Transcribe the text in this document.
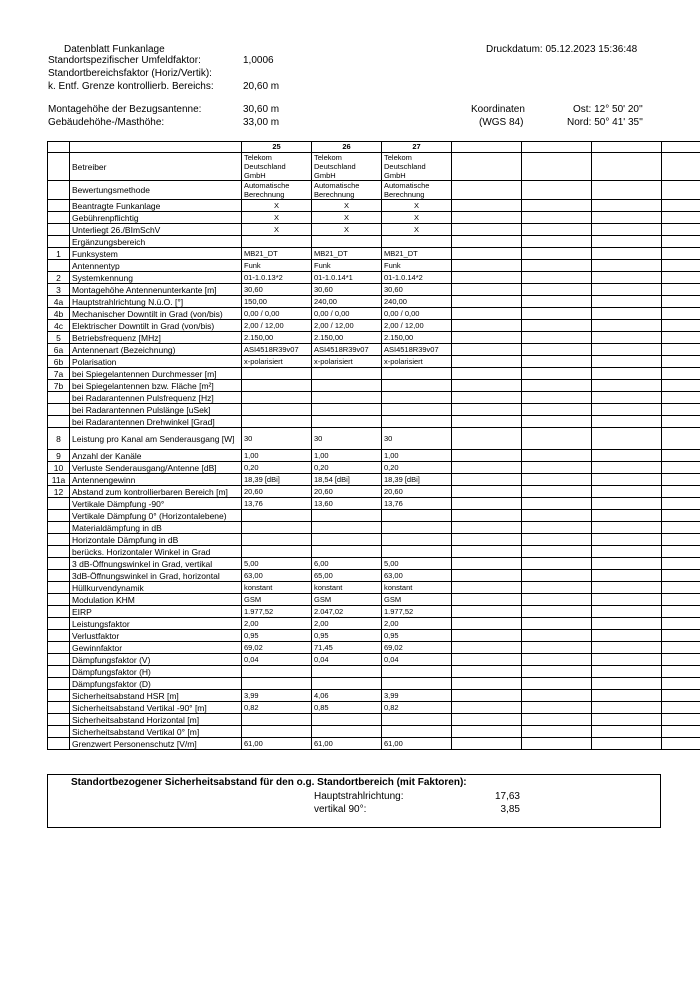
Datenblatt Funkanlage	Druckdatum: 05.12.2023 15:36:48
Standortspezifischer Umfeldfaktor:	1,0006
Standortbereichsfaktor (Horiz/Vertik):
k. Entf. Grenze kontrollierb. Bereichs:	20,60 m
Montagehöhe der Bezugsantenne:	30,60 m
Gebäudehöhe-/Masthöhe:	33,00 m
Koordinaten
(WGS 84)
Ost: 12° 50' 20''
Nord: 50° 41' 35''
		25	26	27				
	Betreiber	Telekom Deutschland GmbH	Telekom Deutschland GmbH	Telekom Deutschland GmbH				
	Bewertungsmethode	Automatische Berechnung	Automatische Berechnung	Automatische Berechnung				
	Beantragte Funkanlage	X	X	X				
	Gebührenpflichtig	X	X	X				
	Unterliegt 26./BImSchV	X	X	X				
	Ergänzungsbereich							
1	Funksystem	MB21_DT	MB21_DT	MB21_DT				
	Antennentyp	Funk	Funk	Funk				
2	Systemkennung	01-1.0.13*2	01-1.0.14*1	01-1.0.14*2				
3	Montagehöhe Antennenunterkante [m]	30,60	30,60	30,60				
4a	Hauptstrahlrichtung N.ü.O. [°]	150,00	240,00	240,00				
4b	Mechanischer Downtilt in Grad (von/bis)	0,00 / 0,00	0,00 / 0,00	0,00 / 0,00				
4c	Elektrischer Downtilt in Grad (von/bis)	2,00 / 12,00	2,00 / 12,00	2,00 / 12,00				
5	Betriebsfrequenz [MHz]	2.150,00	2.150,00	2.150,00				
6a	Antennenart (Bezeichnung)	ASI4518R39v07	ASI4518R39v07	ASI4518R39v07				
6b	Polarisation	x-polarisiert	x-polarisiert	x-polarisiert				
7a	bei Spiegelantennen Durchmesser [m]							
7b	bei Spiegelantennen bzw. Fläche [m²]							
	bei Radarantennen Pulsfrequenz [Hz]							
	bei Radarantennen Pulslänge [uSek]							
	bei Radarantennen Drehwinkel [Grad]							
8	Leistung pro Kanal am Senderausgang [W]	30	30	30				
9	Anzahl der Kanäle	1,00	1,00	1,00				
10	Verluste Senderausgang/Antenne [dB]	0,20	0,20	0,20				
11a	Antennengewinn	18,39 [dBi]	18,54 [dBi]	18,39 [dBi]				
12	Abstand zum kontrollierbaren Bereich [m]	20,60	20,60	20,60				
	Vertikale Dämpfung -90°	13,76	13,60	13,76				
	Vertikale Dämpfung 0° (Horizontalebene)							
	Materialdämpfung in dB							
	Horizontale Dämpfung in dB							
	berücks. Horizontaler Winkel in Grad							
	3 dB-Öffnungswinkel in Grad, vertikal	5,00	6,00	5,00				
	3dB-Öffnungswinkel in Grad, horizontal	63,00	65,00	63,00				
	Hüllkurvendynamik	konstant	konstant	konstant				
	Modulation KHM	GSM	GSM	GSM				
	EIRP	1.977,52	2.047,02	1.977,52				
	Leistungsfaktor	2,00	2,00	2,00				
	Verlustfaktor	0,95	0,95	0,95				
	Gewinnfaktor	69,02	71,45	69,02				
	Dämpfungsfaktor (V)	0,04	0,04	0,04				
	Dämpfungsfaktor (H)							
	Dämpfungsfaktor (D)							
	Sicherheitsabstand HSR [m]	3,99	4,06	3,99				
	Sicherheitsabstand Vertikal -90° [m]	0,82	0,85	0,82				
	Sicherheitsabstand Horizontal [m]							
	Sicherheitsabstand Vertikal 0° [m]							
	Grenzwert Personenschutz [V/m]	61,00	61,00	61,00				
Standortbezogener Sicherheitsabstand für den o.g. Standortbereich (mit Faktoren):
Hauptstrahlrichtung:	17,63
vertikal 90°:	3,85
